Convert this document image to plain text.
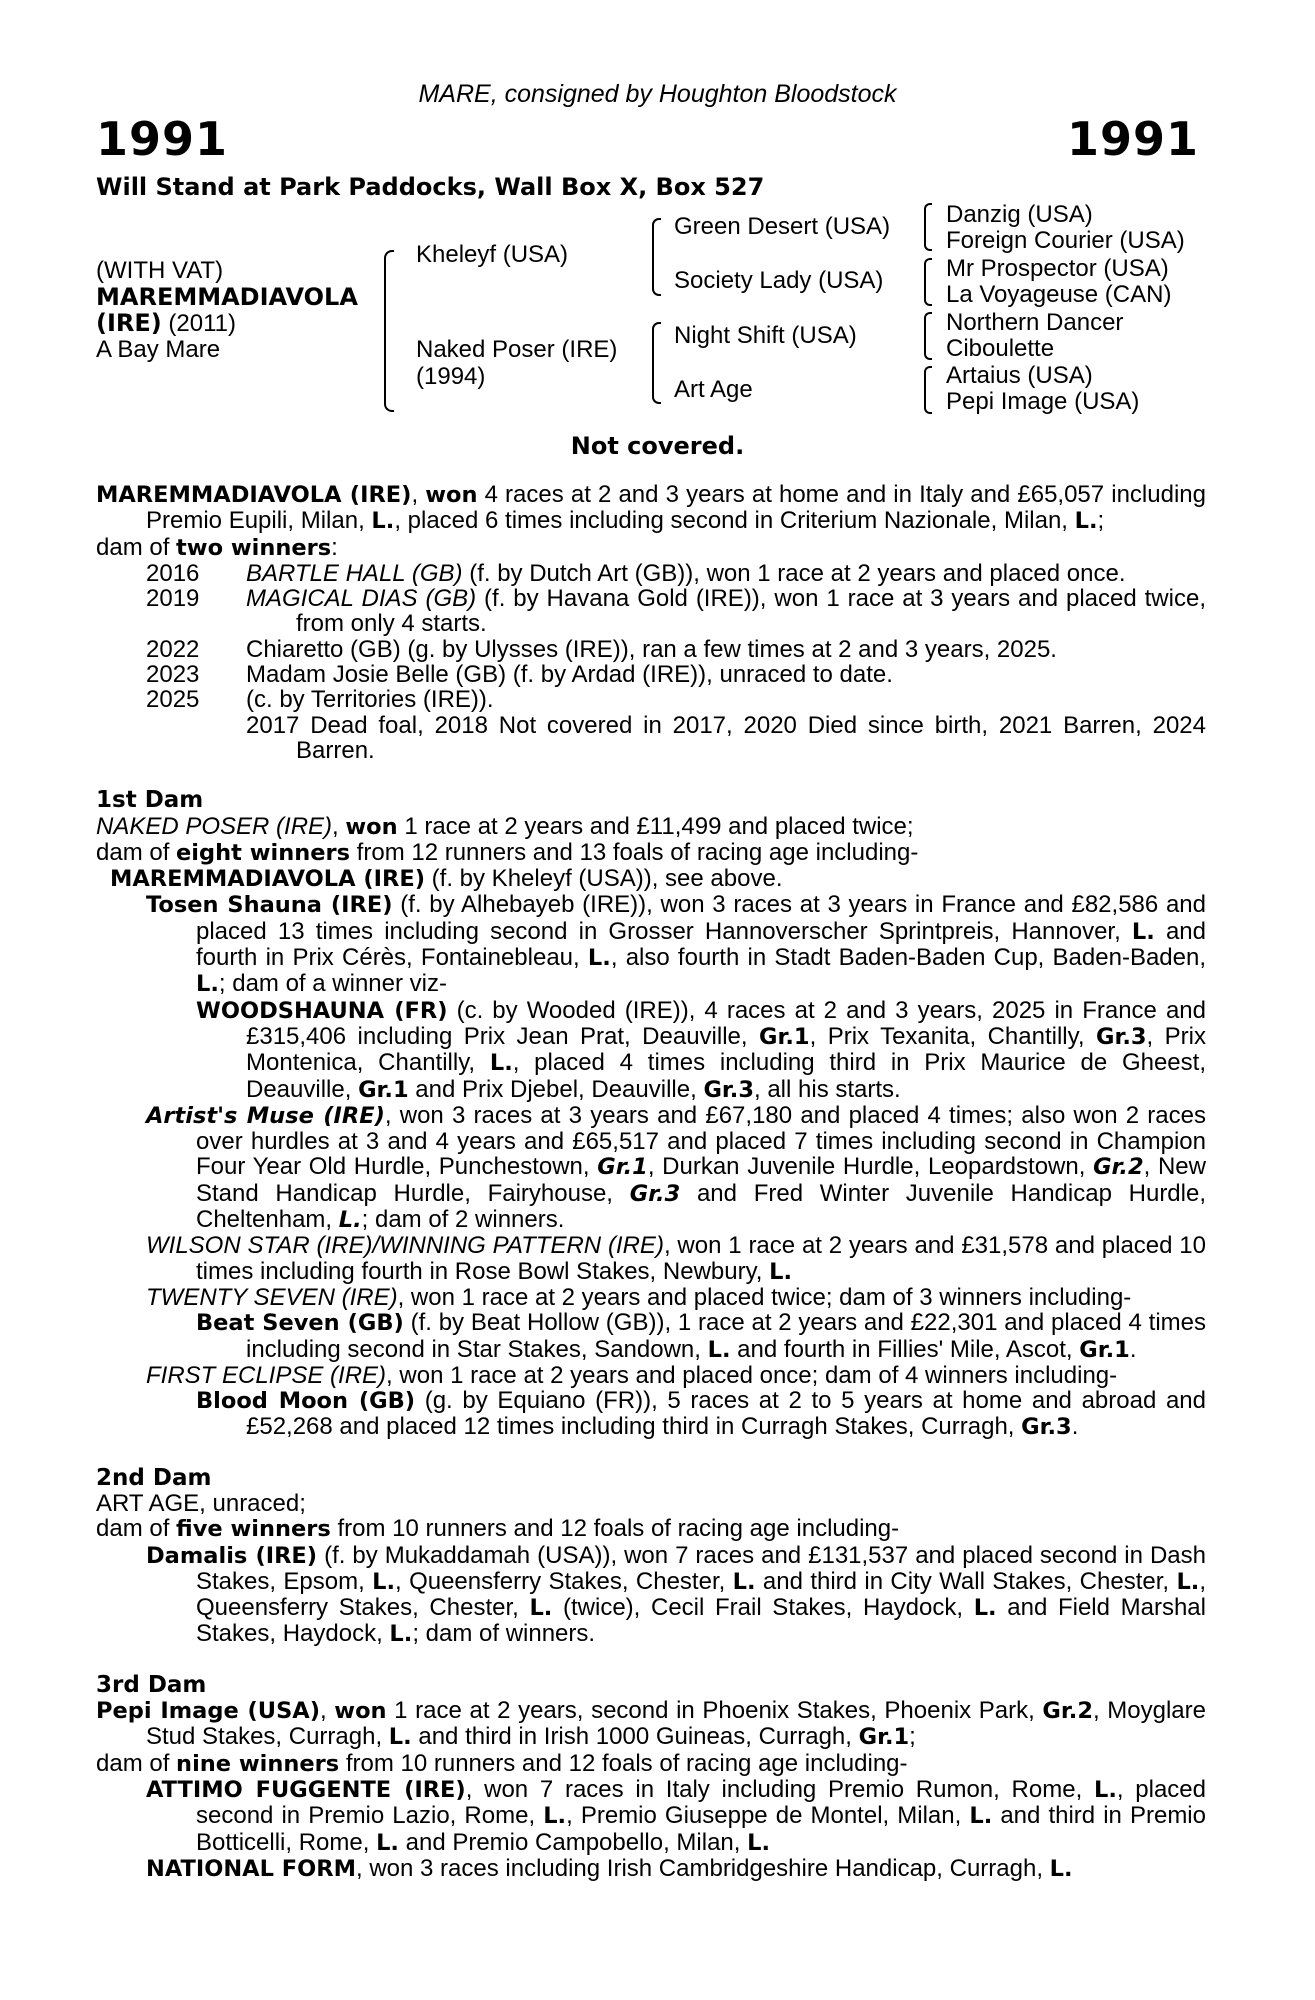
MARE, consigned by Houghton Bloodstock
1991	1991
Will Stand at Park Paddocks, Wall Box X, Box 527
(WITH VAT)
MAREMMADIAVOLA
(IRE) (2011)
A Bay Mare
Kheleyf (USA)
Naked Poser (IRE)
(1994)
Green Desert (USA)
Society Lady (USA)
Night Shift (USA)
Art Age
Danzig (USA)
Foreign Courier (USA)
Mr Prospector (USA)
La Voyageuse (CAN)
Northern Dancer
Ciboulette
Artaius (USA)
Pepi Image (USA)
Not covered.

MAREMMADIAVOLA (IRE), won 4 races at 2 and 3 years at home and in Italy and £65,057 including Premio Eupili, Milan, L., placed 6 times including second in Criterium Nazionale, Milan, L.;

dam of two winners:

2016	BARTLE HALL (GB) (f. by Dutch Art (GB)), won 1 race at 2 years and placed once.
2019	MAGICAL DIAS (GB) (f. by Havana Gold (IRE)), won 1 race at 3 years and placed twice, from only 4 starts.
2022	Chiaretto (GB) (g. by Ulysses (IRE)), ran a few times at 2 and 3 years, 2025.
2023	Madam Josie Belle (GB) (f. by Ardad (IRE)), unraced to date.
2025	(c. by Territories (IRE)).
2017 Dead foal, 2018 Not covered in 2017, 2020 Died since birth, 2021 Barren, 2024 Barren.

1st Dam

NAKED POSER (IRE), won 1 race at 2 years and £11,499 and placed twice;

dam of eight winners from 12 runners and 13 foals of racing age including-

MAREMMADIAVOLA (IRE) (f. by Kheleyf (USA)), see above.

Tosen Shauna (IRE) (f. by Alhebayeb (IRE)), won 3 races at 3 years in France and £82,586 and placed 13 times including second in Grosser Hannoverscher Sprintpreis, Hannover, L. and fourth in Prix Cérès, Fontainebleau, L., also fourth in Stadt Baden-Baden Cup, Baden-Baden, L.; dam of a winner viz-

WOODSHAUNA (FR) (c. by Wooded (IRE)), 4 races at 2 and 3 years, 2025 in France and £315,406 including Prix Jean Prat, Deauville, Gr.1, Prix Texanita, Chantilly, Gr.3, Prix Montenica, Chantilly, L., placed 4 times including third in Prix Maurice de Gheest, Deauville, Gr.1 and Prix Djebel, Deauville, Gr.3, all his starts.

Artist's Muse (IRE), won 3 races at 3 years and £67,180 and placed 4 times; also won 2 races over hurdles at 3 and 4 years and £65,517 and placed 7 times including second in Champion Four Year Old Hurdle, Punchestown, Gr.1, Durkan Juvenile Hurdle, Leopardstown, Gr.2, New Stand Handicap Hurdle, Fairyhouse, Gr.3 and Fred Winter Juvenile Handicap Hurdle, Cheltenham, L.; dam of 2 winners.

WILSON STAR (IRE)/WINNING PATTERN (IRE), won 1 race at 2 years and £31,578 and placed 10 times including fourth in Rose Bowl Stakes, Newbury, L.

TWENTY SEVEN (IRE), won 1 race at 2 years and placed twice; dam of 3 winners including-

Beat Seven (GB) (f. by Beat Hollow (GB)), 1 race at 2 years and £22,301 and placed 4 times including second in Star Stakes, Sandown, L. and fourth in Fillies' Mile, Ascot, Gr.1.

FIRST ECLIPSE (IRE), won 1 race at 2 years and placed once; dam of 4 winners including-

Blood Moon (GB) (g. by Equiano (FR)), 5 races at 2 to 5 years at home and abroad and £52,268 and placed 12 times including third in Curragh Stakes, Curragh, Gr.3.

2nd Dam

ART AGE, unraced;

dam of five winners from 10 runners and 12 foals of racing age including-

Damalis (IRE) (f. by Mukaddamah (USA)), won 7 races and £131,537 and placed second in Dash Stakes, Epsom, L., Queensferry Stakes, Chester, L. and third in City Wall Stakes, Chester, L., Queensferry Stakes, Chester, L. (twice), Cecil Frail Stakes, Haydock, L. and Field Marshal Stakes, Haydock, L.; dam of winners.

3rd Dam

Pepi Image (USA), won 1 race at 2 years, second in Phoenix Stakes, Phoenix Park, Gr.2, Moyglare Stud Stakes, Curragh, L. and third in Irish 1000 Guineas, Curragh, Gr.1;

dam of nine winners from 10 runners and 12 foals of racing age including-

ATTIMO FUGGENTE (IRE), won 7 races in Italy including Premio Rumon, Rome, L., placed second in Premio Lazio, Rome, L., Premio Giuseppe de Montel, Milan, L. and third in Premio Botticelli, Rome, L. and Premio Campobello, Milan, L.

NATIONAL FORM, won 3 races including Irish Cambridgeshire Handicap, Curragh, L.
